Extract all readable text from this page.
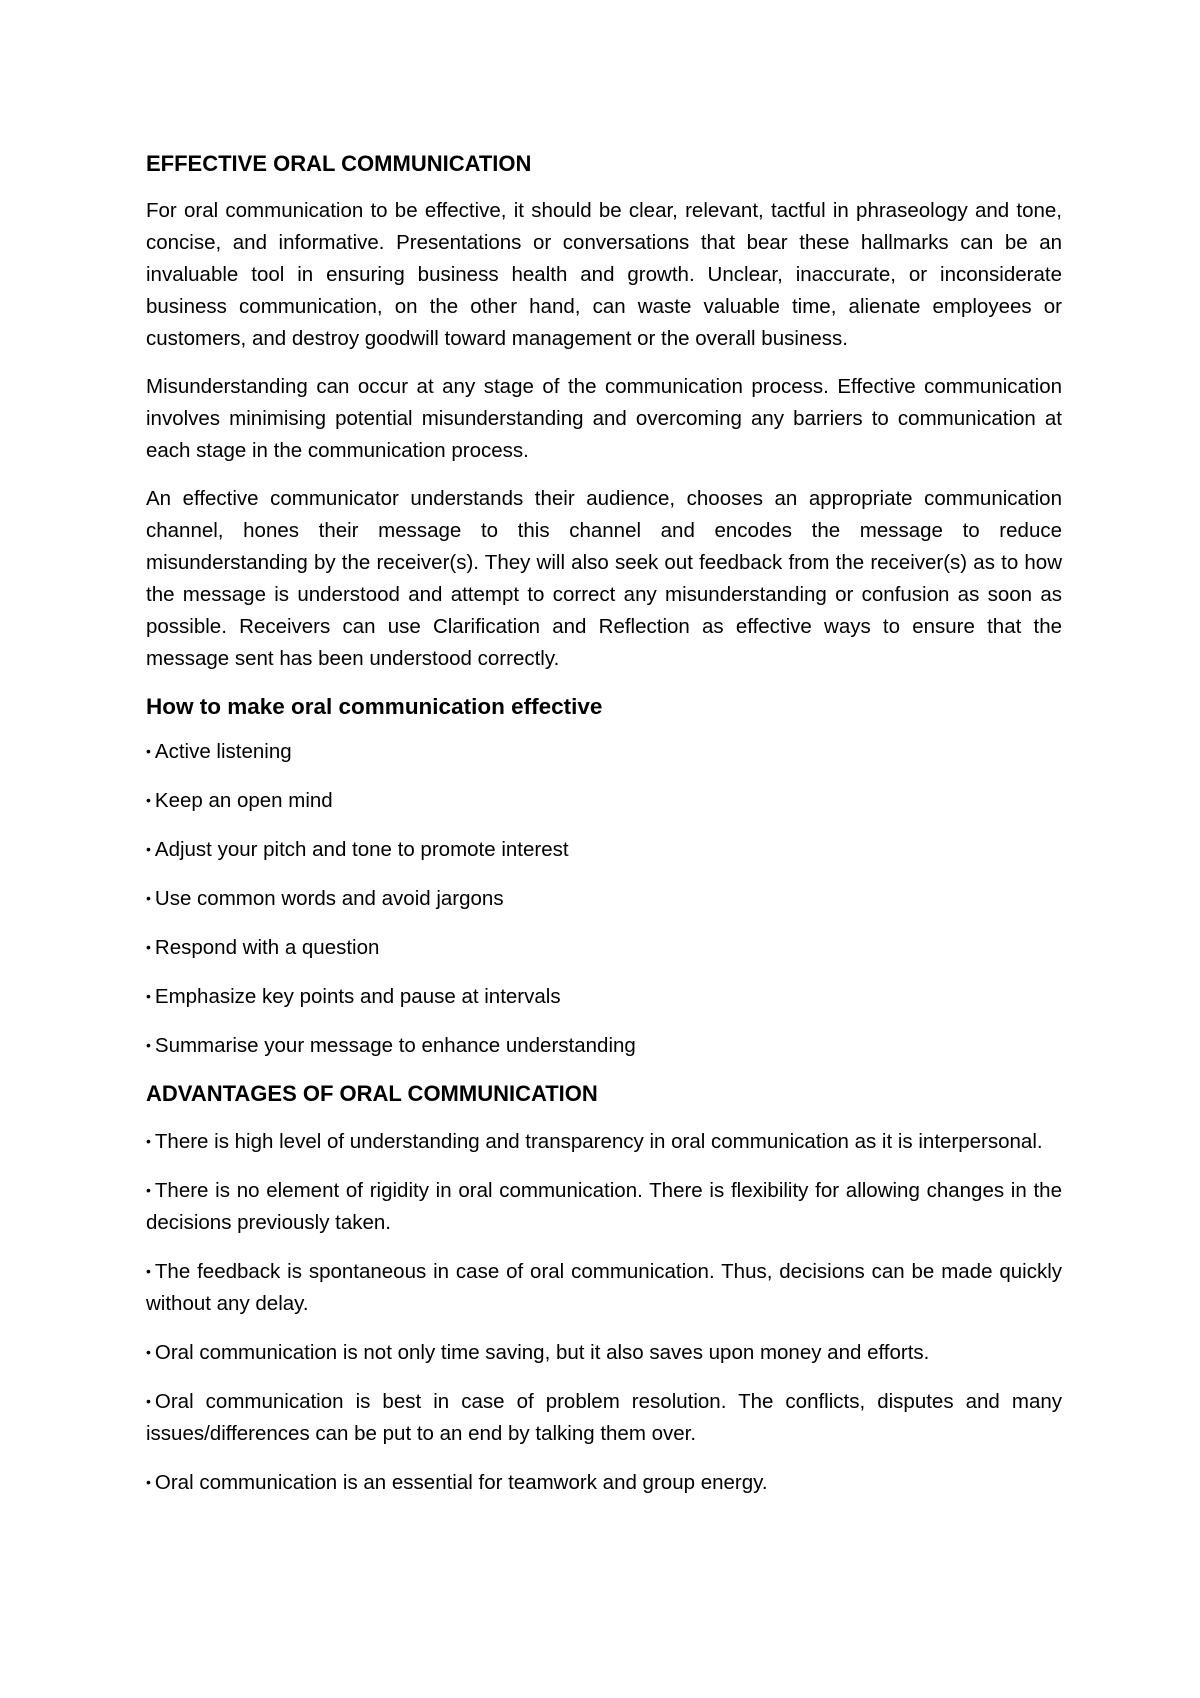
EFFECTIVE ORAL COMMUNICATION

For oral communication to be effective, it should be clear, relevant, tactful in phraseology and tone, concise, and informative. Presentations or conversations that bear these hallmarks can be an invaluable tool in ensuring business health and growth. Unclear, inaccurate, or inconsiderate business communication, on the other hand, can waste valuable time, alienate employees or customers, and destroy goodwill toward management or the overall business.

Misunderstanding can occur at any stage of the communication process. Effective communication involves minimising potential misunderstanding and overcoming any barriers to communication at each stage in the communication process.

An effective communicator understands their audience, chooses an appropriate communication channel, hones their message to this channel and encodes the message to reduce misunderstanding by the receiver(s). They will also seek out feedback from the receiver(s) as to how the message is understood and attempt to correct any misunderstanding or confusion as soon as possible. Receivers can use Clarification and Reflection as effective ways to ensure that the message sent has been understood correctly.

How to make oral communication effective
• Active listening
• Keep an open mind
• Adjust your pitch and tone to promote interest
• Use common words and avoid jargons
• Respond with a question
• Emphasize key points and pause at intervals
• Summarise your message to enhance understanding
ADVANTAGES OF ORAL COMMUNICATION
• There is high level of understanding and transparency in oral communication as it is interpersonal.
• There is no element of rigidity in oral communication. There is flexibility for allowing changes in the decisions previously taken.
• The feedback is spontaneous in case of oral communication. Thus, decisions can be made quickly without any delay.
• Oral communication is not only time saving, but it also saves upon money and efforts.
• Oral communication is best in case of problem resolution. The conflicts, disputes and many issues/differences can be put to an end by talking them over.
• Oral communication is an essential for teamwork and group energy.
